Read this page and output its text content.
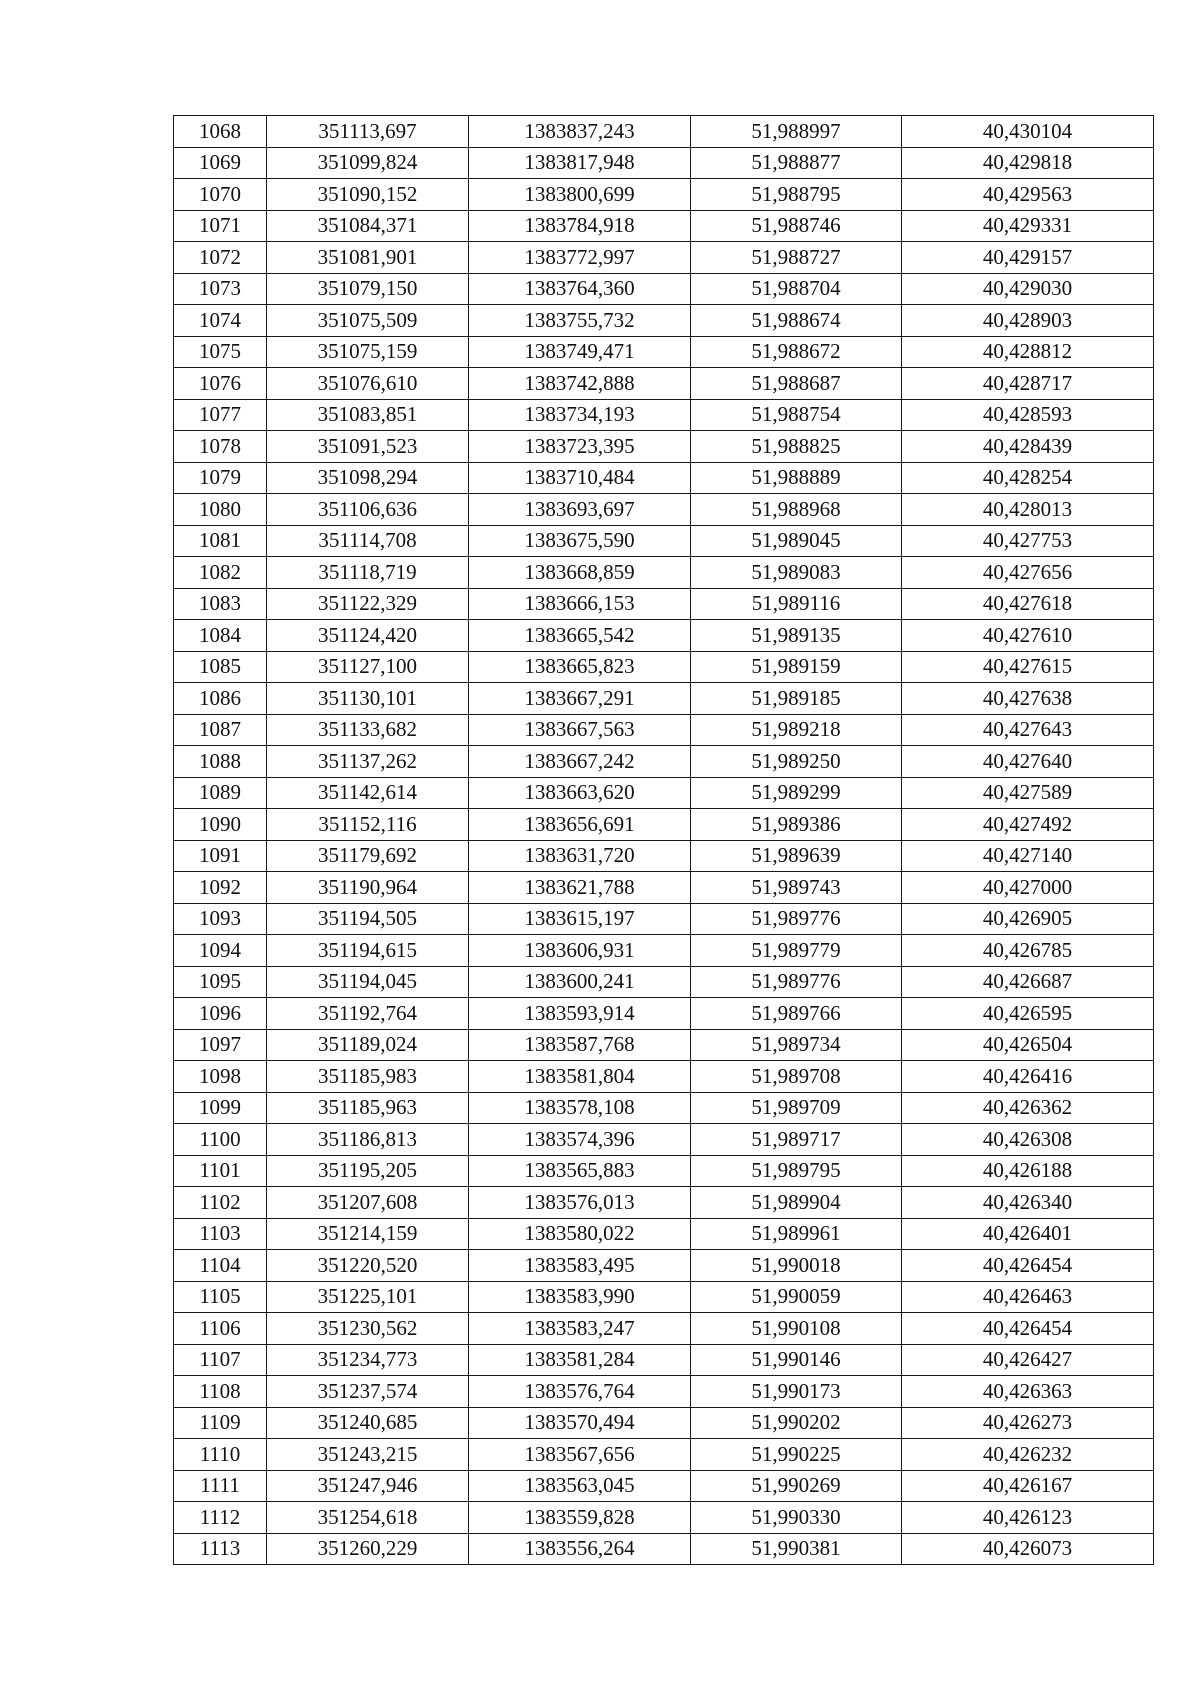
1068	351113,697	1383837,243	51,988997	40,430104
1069	351099,824	1383817,948	51,988877	40,429818
1070	351090,152	1383800,699	51,988795	40,429563
1071	351084,371	1383784,918	51,988746	40,429331
1072	351081,901	1383772,997	51,988727	40,429157
1073	351079,150	1383764,360	51,988704	40,429030
1074	351075,509	1383755,732	51,988674	40,428903
1075	351075,159	1383749,471	51,988672	40,428812
1076	351076,610	1383742,888	51,988687	40,428717
1077	351083,851	1383734,193	51,988754	40,428593
1078	351091,523	1383723,395	51,988825	40,428439
1079	351098,294	1383710,484	51,988889	40,428254
1080	351106,636	1383693,697	51,988968	40,428013
1081	351114,708	1383675,590	51,989045	40,427753
1082	351118,719	1383668,859	51,989083	40,427656
1083	351122,329	1383666,153	51,989116	40,427618
1084	351124,420	1383665,542	51,989135	40,427610
1085	351127,100	1383665,823	51,989159	40,427615
1086	351130,101	1383667,291	51,989185	40,427638
1087	351133,682	1383667,563	51,989218	40,427643
1088	351137,262	1383667,242	51,989250	40,427640
1089	351142,614	1383663,620	51,989299	40,427589
1090	351152,116	1383656,691	51,989386	40,427492
1091	351179,692	1383631,720	51,989639	40,427140
1092	351190,964	1383621,788	51,989743	40,427000
1093	351194,505	1383615,197	51,989776	40,426905
1094	351194,615	1383606,931	51,989779	40,426785
1095	351194,045	1383600,241	51,989776	40,426687
1096	351192,764	1383593,914	51,989766	40,426595
1097	351189,024	1383587,768	51,989734	40,426504
1098	351185,983	1383581,804	51,989708	40,426416
1099	351185,963	1383578,108	51,989709	40,426362
1100	351186,813	1383574,396	51,989717	40,426308
1101	351195,205	1383565,883	51,989795	40,426188
1102	351207,608	1383576,013	51,989904	40,426340
1103	351214,159	1383580,022	51,989961	40,426401
1104	351220,520	1383583,495	51,990018	40,426454
1105	351225,101	1383583,990	51,990059	40,426463
1106	351230,562	1383583,247	51,990108	40,426454
1107	351234,773	1383581,284	51,990146	40,426427
1108	351237,574	1383576,764	51,990173	40,426363
1109	351240,685	1383570,494	51,990202	40,426273
1110	351243,215	1383567,656	51,990225	40,426232
1111	351247,946	1383563,045	51,990269	40,426167
1112	351254,618	1383559,828	51,990330	40,426123
1113	351260,229	1383556,264	51,990381	40,426073
